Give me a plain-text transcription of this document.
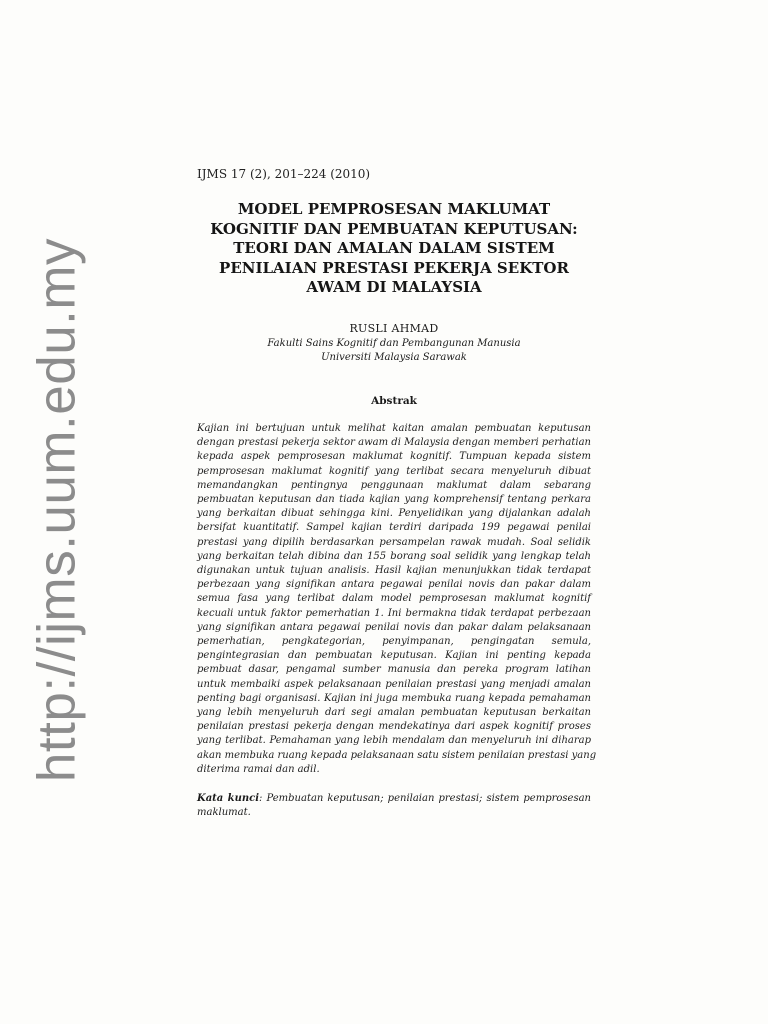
http://ijms.uum.edu.my
IJMS 17 (2), 201–224 (2010)
MODEL PEMPROSESAN MAKLUMAT
KOGNITIF DAN PEMBUATAN KEPUTUSAN:
TEORI DAN AMALAN DALAM SISTEM
PENILAIAN PRESTASI PEKERJA SEKTOR
AWAM DI MALAYSIA
RUSLI AHMAD
Fakulti Sains Kognitif dan Pembangunan Manusia
Universiti Malaysia Sarawak
Abstrak
Kajian ini bertujuan untuk melihat kaitan amalan pembuatan keputusan
dengan prestasi pekerja sektor awam di Malaysia dengan memberi perhatian
kepada aspek pemprosesan maklumat kognitif. Tumpuan kepada sistem
pemprosesan maklumat kognitif yang terlibat secara menyeluruh dibuat
memandangkan pentingnya penggunaan maklumat dalam sebarang
pembuatan keputusan dan tiada kajian yang komprehensif tentang perkara
yang berkaitan dibuat sehingga kini. Penyelidikan yang dijalankan adalah
bersifat kuantitatif. Sampel kajian terdiri daripada 199 pegawai penilai
prestasi yang dipilih berdasarkan persampelan rawak mudah. Soal selidik
yang berkaitan telah dibina dan 155 borang soal selidik yang lengkap telah
digunakan untuk tujuan analisis. Hasil kajian menunjukkan tidak terdapat
perbezaan yang signifikan antara pegawai penilai novis dan pakar dalam
semua fasa yang terlibat dalam model pemprosesan maklumat kognitif
kecuali untuk faktor pemerhatian 1. Ini bermakna tidak terdapat perbezaan
yang signifikan antara pegawai penilai novis dan pakar dalam pelaksanaan
pemerhatian, pengkategorian, penyimpanan, pengingatan semula,
pengintegrasian dan pembuatan keputusan. Kajian ini penting kepada
pembuat dasar, pengamal sumber manusia dan pereka program latihan
untuk membaiki aspek pelaksanaan penilaian prestasi yang menjadi amalan
penting bagi organisasi. Kajian ini juga membuka ruang kepada pemahaman
yang lebih menyeluruh dari segi amalan pembuatan keputusan berkaitan
penilaian prestasi pekerja dengan mendekatinya dari aspek kognitif proses
yang terlibat. Pemahaman yang lebih mendalam dan menyeluruh ini diharap
akan membuka ruang kepada pelaksanaan satu sistem penilaian prestasi yang
diterima ramai dan adil.
Kata kunci: Pembuatan keputusan; penilaian prestasi; sistem pemprosesan
maklumat.
